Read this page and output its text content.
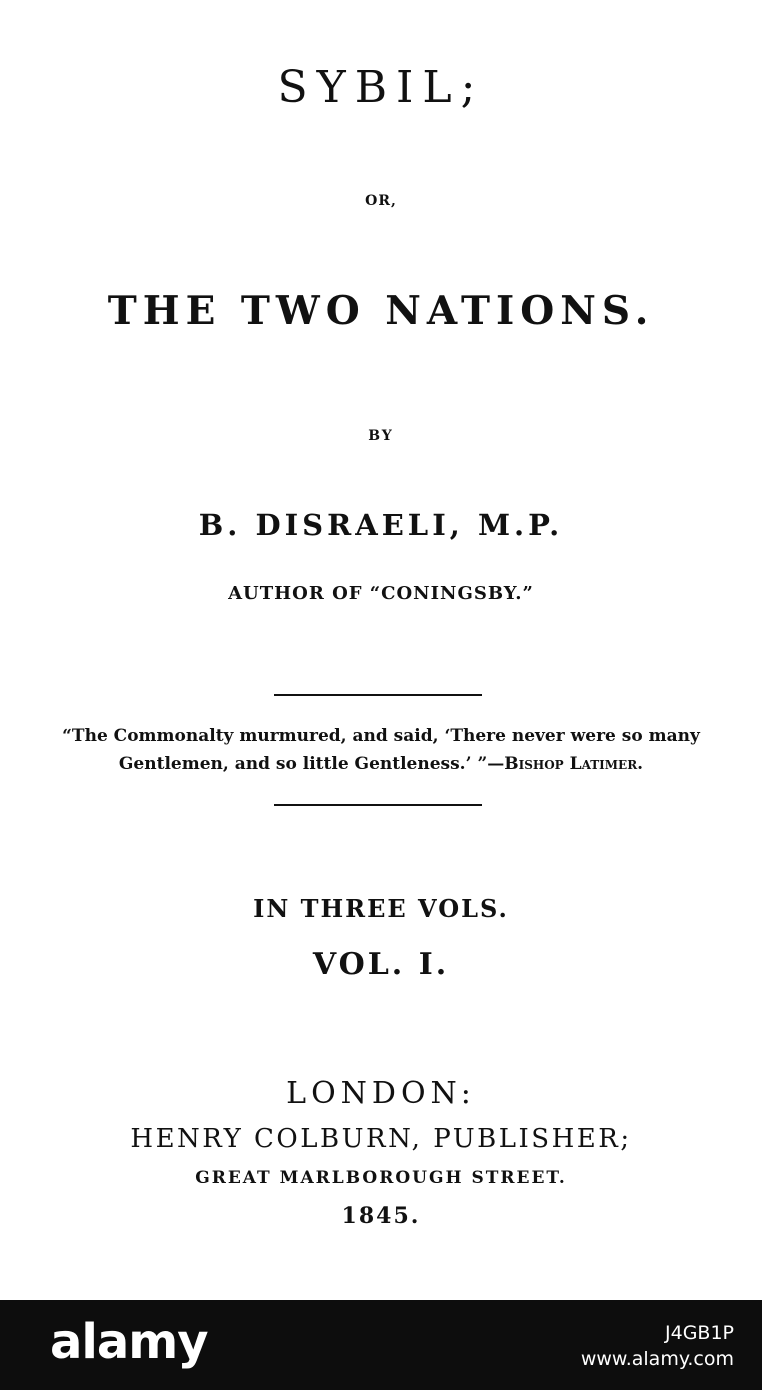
SYBIL;
OR,
THE TWO NATIONS.
BY
B. DISRAELI, M.P.
AUTHOR OF “CONINGSBY.”
“The Commonalty murmured, and said, ‘There never were so many
Gentlemen, and so little Gentleness.’ ”—Bishop Latimer.
IN THREE VOLS.
VOL. I.
LONDON:
HENRY COLBURN, PUBLISHER;
GREAT MARLBOROUGH STREET.
1845.
alamy	J4GB1P
www.alamy.com
